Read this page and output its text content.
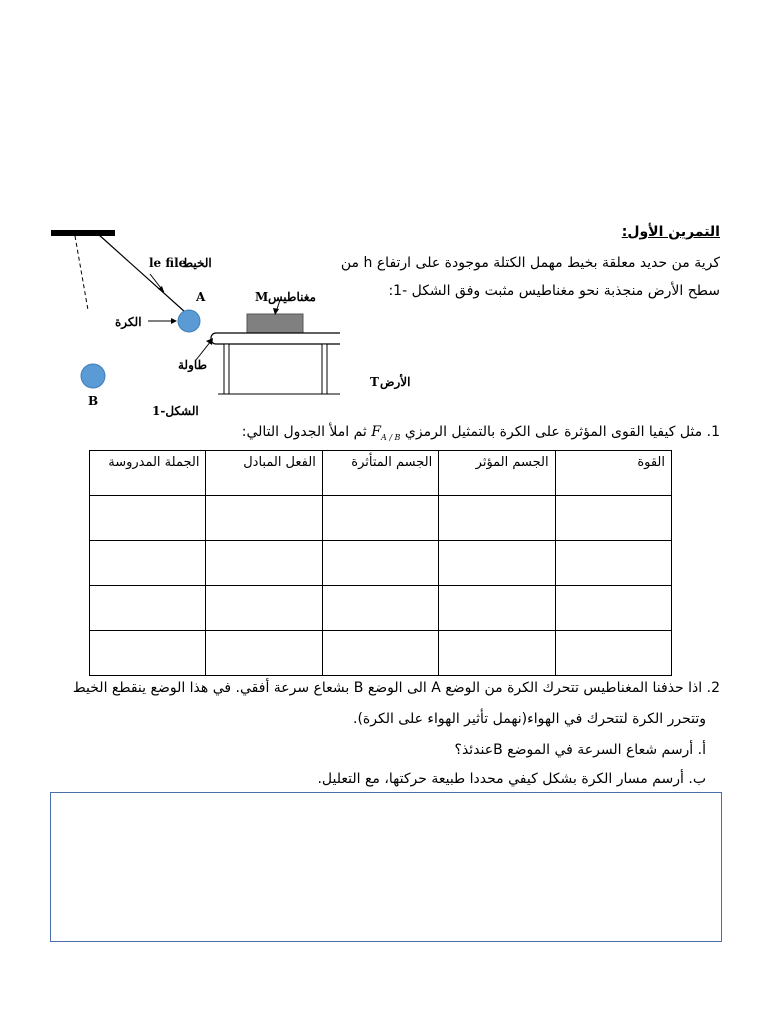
التمرين الأول:
كرية من حديد معلقة بخيط مهمل الكتلة موجودة على ارتفاع h من
سطح الأرض منجذبة نحو مغناطيس مثبت وفق الشكل -1:
le file
الخيط
A
الكرة
M مغناطيس
طاولة
T الأرض
B
الشكل-1
1. مثل كيفيا القوى المؤثرة على الكرة بالتمثيل الرمزي $F_{A / B}$ ثم املأ الجدول التالي:
القوة	الجسم المؤثر	الجسم المتأثرة	الفعل المبادل	الجملة المدروسة

2. اذا حذفنا المغناطيس تتحرك الكرة من الوضع A الى الوضع B بشعاع سرعة أفقي. في هذا الوضع ينقطع الخيط
وتتحرر الكرة لتتحرك في الهواء(نهمل تأثير الهواء على الكرة).
أ. أرسم شعاع السرعة في الموضع Bعندئذ؟
ب. أرسم مسار الكرة بشكل كيفي محددا طبيعة حركتها، مع التعليل.
